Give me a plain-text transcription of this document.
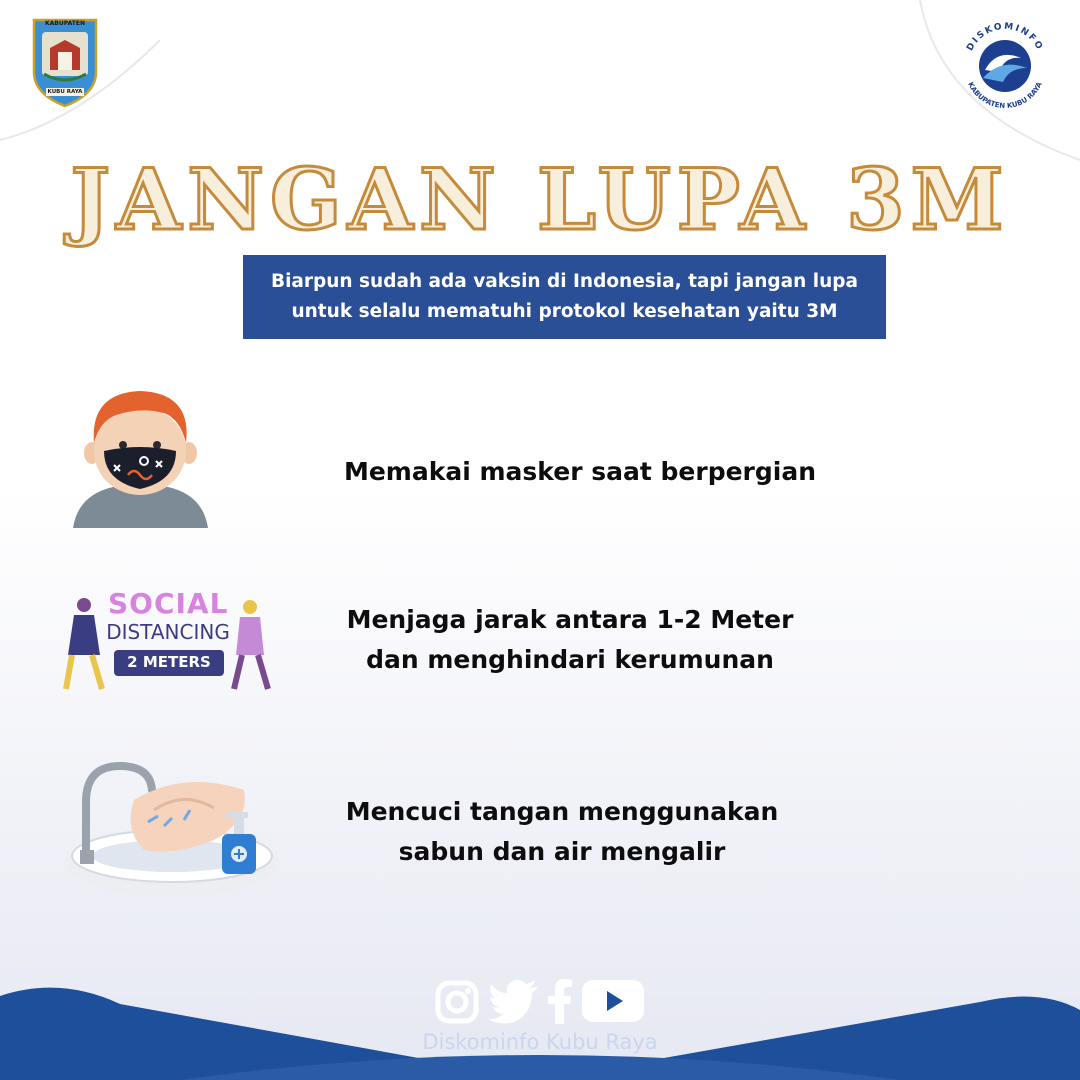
KABUPATEN
KUBU RAYA
DISKOMINFO
KABUPATEN KUBU RAYA
JANGAN LUPA 3M
Biarpun sudah ada vaksin di Indonesia, tapi jangan lupa
untuk selalu mematuhi protokol kesehatan yaitu 3M
Memakai masker saat berpergian
SOCIAL
DISTANCING
2 METERS
Menjaga jarak antara 1-2 Meter
dan menghindari kerumunan
Mencuci tangan menggunakan
sabun dan air mengalir
Diskominfo Kubu Raya
